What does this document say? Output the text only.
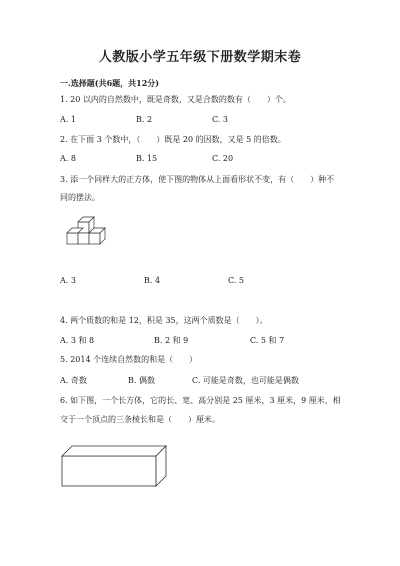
人教版小学五年级下册数学期末卷
一.选择题(共6题，共12分)
1. 20 以内的自然数中，既是奇数，又是合数的数有（　　）个。
A. 1	B. 2	C. 3
2. 在下面 3 个数中，（　　）既是 20 的因数，又是 5 的倍数。
A. 8	B. 15	C. 20
3. 添一个同样大的正方体，使下图的物体从上面看形状不变，有（　　）种不
同的摆法。
A. 3	B. 4	C. 5
4. 两个质数的和是 12，积是 35，这两个质数是（　　）。
A. 3 和 8	B. 2 和 9	C. 5 和 7
5. 2014 个连续自然数的和是（　　）
A. 奇数	B. 偶数	C. 可能是奇数，也可能是偶数
6. 如下图，一个长方体，它的长、宽、高分别是 25 厘米，3 厘米，9 厘米，相
交于一个顶点的三条棱长和是（　　）厘米。
